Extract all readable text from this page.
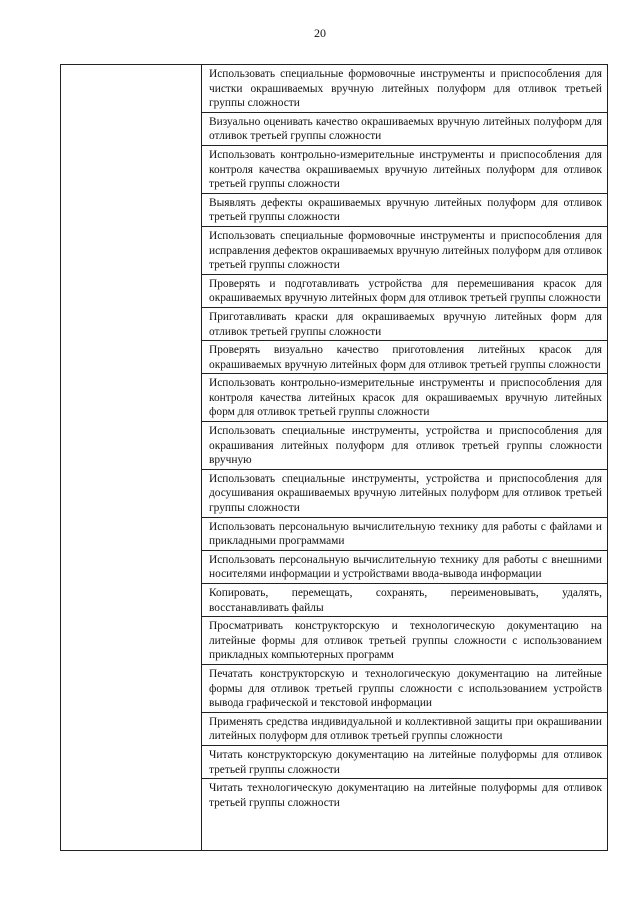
20
Использовать специальные формовочные инструменты и приспособления для чистки окрашиваемых вручную литейных полуформ для отливок третьей группы сложности
Визуально оценивать качество окрашиваемых вручную литейных полуформ для отливок третьей группы сложности
Использовать контрольно-измерительные инструменты и приспособления для контроля качества окрашиваемых вручную литейных полуформ для отливок третьей группы сложности
Выявлять дефекты окрашиваемых вручную литейных полуформ для отливок третьей группы сложности
Использовать специальные формовочные инструменты и приспособления для исправления дефектов окрашиваемых вручную литейных полуформ для отливок третьей группы сложности
Проверять и подготавливать устройства для перемешивания красок для окрашиваемых вручную литейных форм для отливок третьей группы сложности
Приготавливать краски для окрашиваемых вручную литейных форм для отливок третьей группы сложности
Проверять визуально качество приготовления литейных красок для окрашиваемых вручную литейных форм для отливок третьей группы сложности
Использовать контрольно-измерительные инструменты и приспособления для контроля качества литейных красок для окрашиваемых вручную литейных форм для отливок третьей группы сложности
Использовать специальные инструменты, устройства и приспособления для окрашивания литейных полуформ для отливок третьей группы сложности вручную
Использовать специальные инструменты, устройства и приспособления для досушивания окрашиваемых вручную литейных полуформ для отливок третьей группы сложности
Использовать персональную вычислительную технику для работы с файлами и прикладными программами
Использовать персональную вычислительную технику для работы с внешними носителями информации и устройствами ввода-вывода информации
Копировать, перемещать, сохранять, переименовывать, удалять, восстанавливать файлы
Просматривать конструкторскую и технологическую документацию на литейные формы для отливок третьей группы сложности с использованием прикладных компьютерных программ
Печатать конструкторскую и технологическую документацию на литейные формы для отливок третьей группы сложности с использованием устройств вывода графической и текстовой информации
Применять средства индивидуальной и коллективной защиты при окрашивании литейных полуформ для отливок третьей группы сложности
Читать конструкторскую документацию на литейные полуформы для отливок третьей группы сложности
Читать технологическую документацию на литейные полуформы для отливок третьей группы сложности
